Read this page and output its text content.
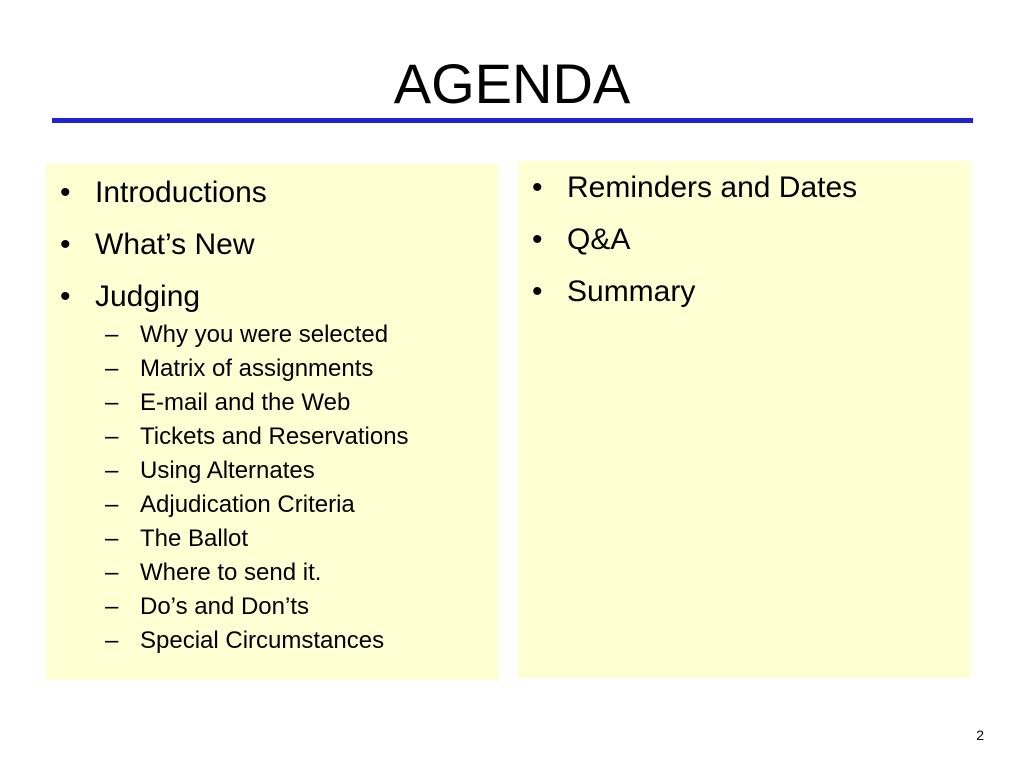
AGENDA
• Introductions
• What’s New
• Judging
– Why you were selected
– Matrix of assignments
– E-mail and the Web
– Tickets and Reservations
– Using Alternates
– Adjudication Criteria
– The Ballot
– Where to send it.
– Do’s and Don’ts
– Special Circumstances
• Reminders and Dates
• Q&A
• Summary
2
